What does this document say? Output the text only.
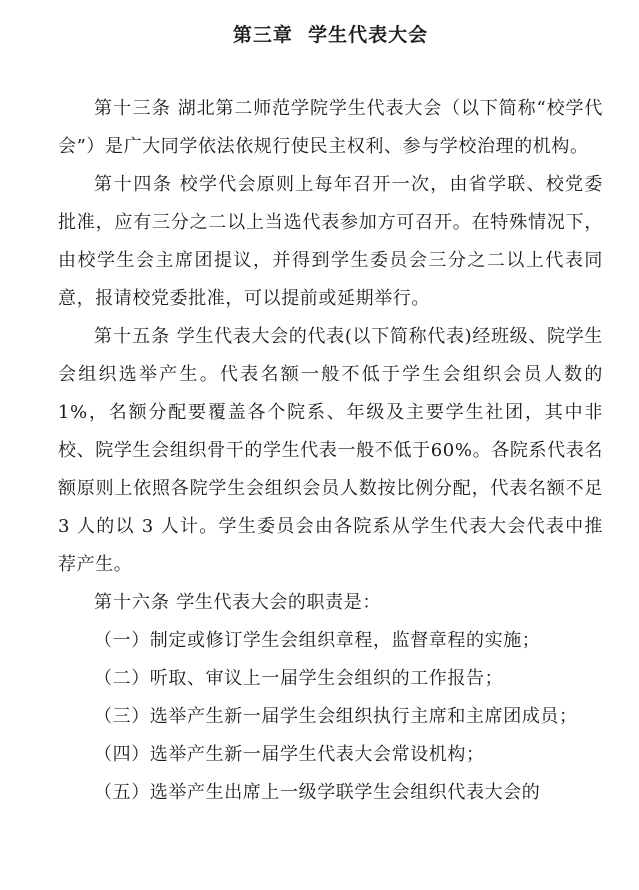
第三章  学生代表大会

第十三条 湖北第二师范学院学生代表大会（以下简称“校学代会”）是广大同学依法依规行使民主权利、参与学校治理的机构。

第十四条 校学代会原则上每年召开一次，由省学联、校党委批准，应有三分之二以上当选代表参加方可召开。在特殊情况下，由校学生会主席团提议，并得到学生委员会三分之二以上代表同意，报请校党委批准，可以提前或延期举行。

第十五条 学生代表大会的代表(以下简称代表)经班级、院学生会组织选举产生。代表名额一般不低于学生会组织会员人数的1%，名额分配要覆盖各个院系、年级及主要学生社团，其中非校、院学生会组织骨干的学生代表一般不低于60%。各院系代表名额原则上依照各院学生会组织会员人数按比例分配，代表名额不足 3 人的以 3 人计。学生委员会由各院系从学生代表大会代表中推荐产生。

第十六条 学生代表大会的职责是：

（一）制定或修订学生会组织章程，监督章程的实施；

（二）听取、审议上一届学生会组织的工作报告；

（三）选举产生新一届学生会组织执行主席和主席团成员；

（四）选举产生新一届学生代表大会常设机构；

（五）选举产生出席上一级学联学生会组织代表大会的
